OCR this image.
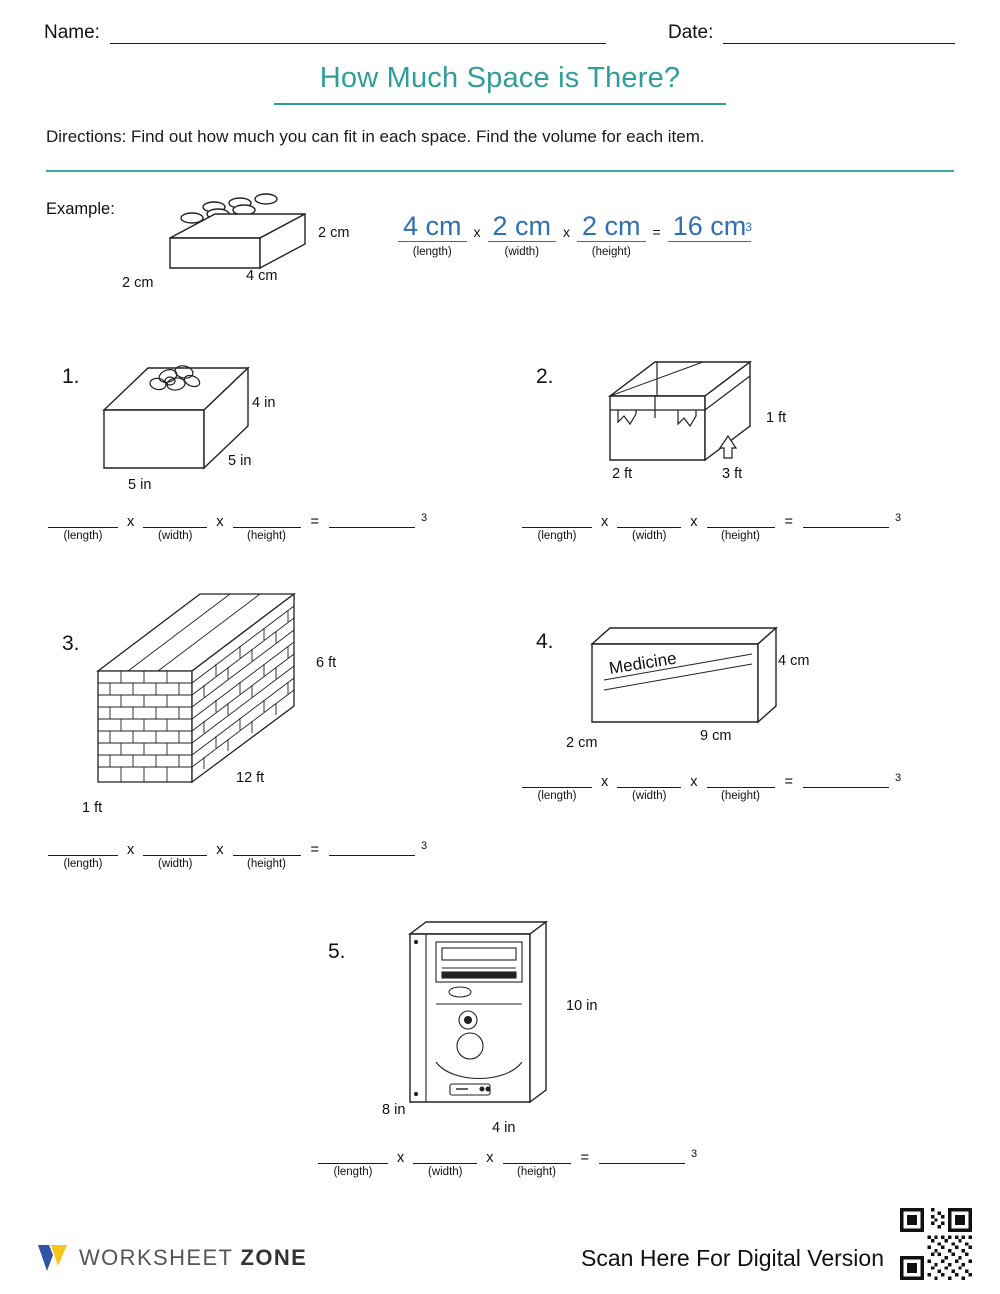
Name:	Date:
How Much Space is There?
Directions: Find out how much you can fit in each space. Find the volume for each item.
Example:
2 cm
2 cm	4 cm
4 cm
(length)
x 2 cm
(width)
x 2 cm
(height)
= 16 cm 3
1.
4 in
5 in
5 in
(length)
x
(width)
x
(height)
=	3
2.
1 ft
2 ft	3 ft
(length)
x
(width)
x
(height)
=	3
3.
6 ft
12 ft
1 ft
(length)
x
(width)
x
(height)
=	3
4.
Medicine	4 cm
9 cm
2 cm
(length)
x
(width)
x
(height)
=	3
5.
10 in
8 in
4 in
(length)
x
(width)
x
(height)
=	3
Scan Here For Digital Version
WORKSHEET ZONE
